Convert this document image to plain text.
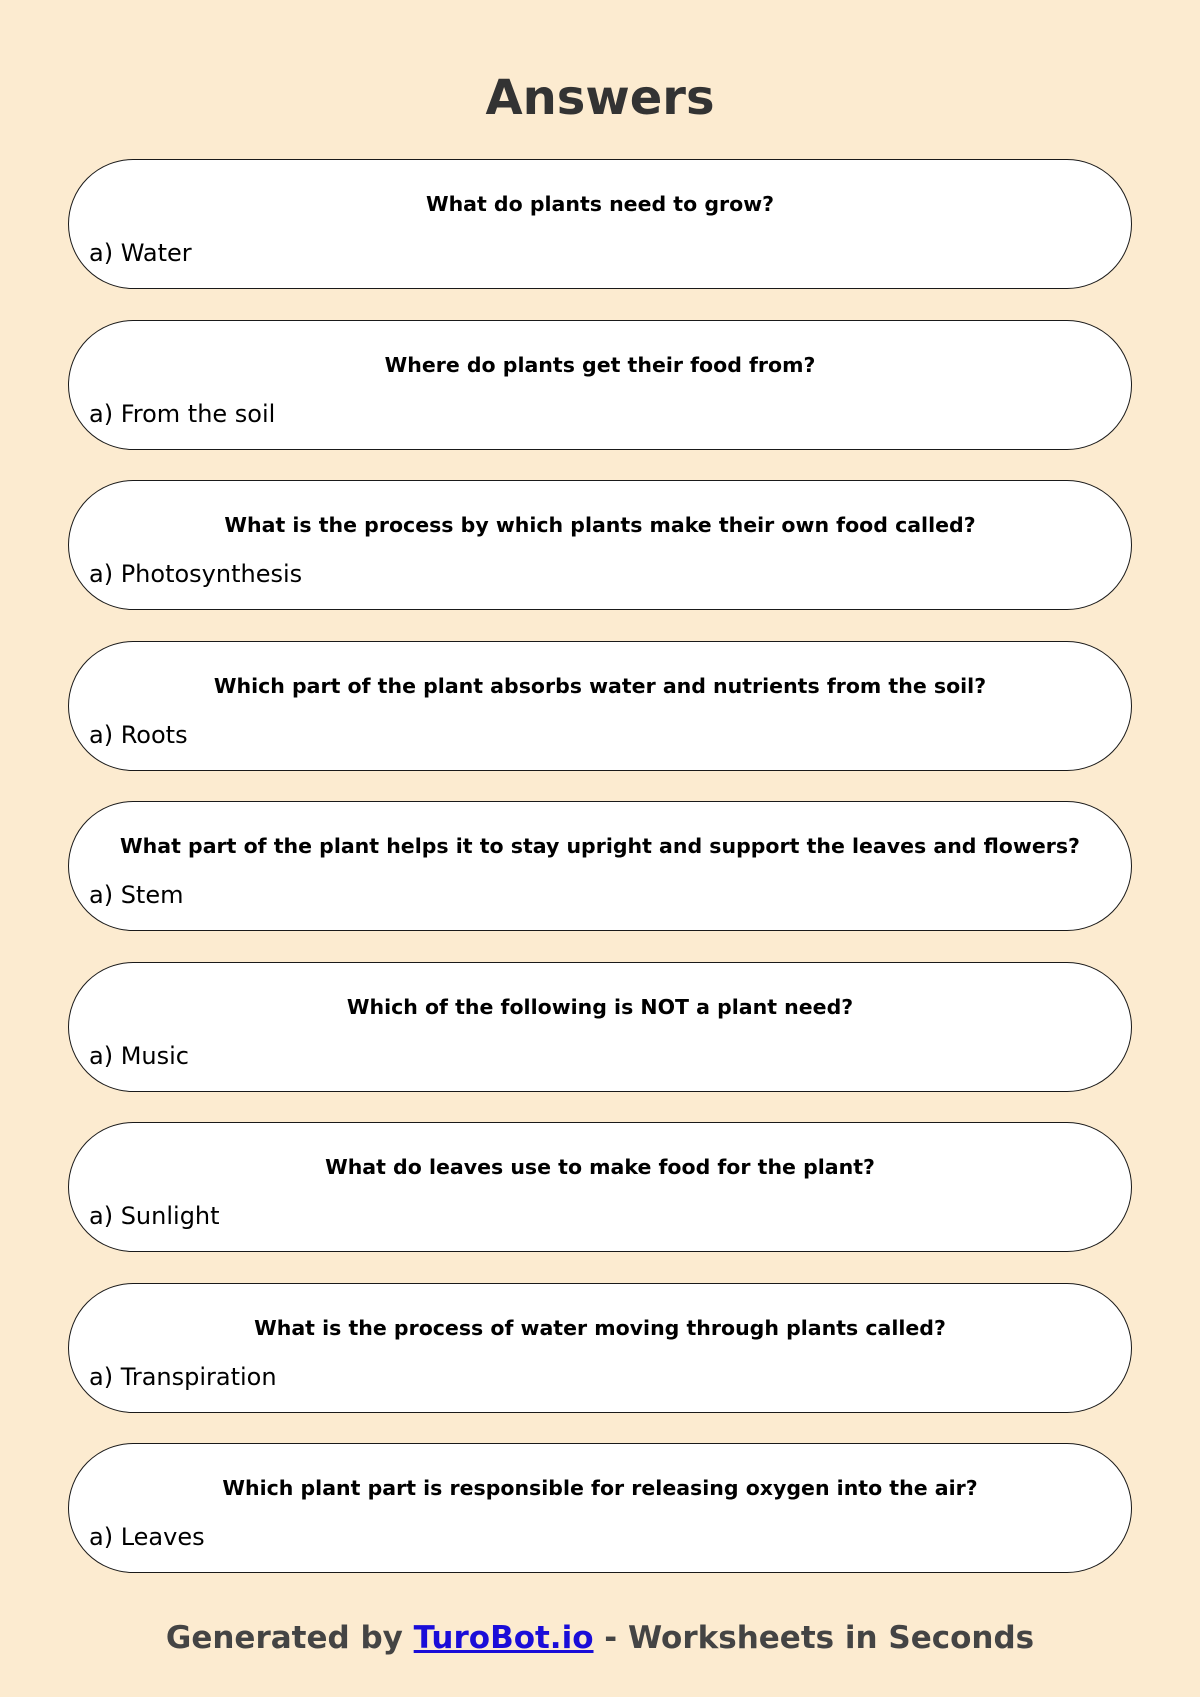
Answers
What do plants need to grow?
a) Water
Where do plants get their food from?
a) From the soil
What is the process by which plants make their own food called?
a) Photosynthesis
Which part of the plant absorbs water and nutrients from the soil?
a) Roots
What part of the plant helps it to stay upright and support the leaves and flowers?
a) Stem
Which of the following is NOT a plant need?
a) Music
What do leaves use to make food for the plant?
a) Sunlight
What is the process of water moving through plants called?
a) Transpiration
Which plant part is responsible for releasing oxygen into the air?
a) Leaves
Generated by TuroBot.io - Worksheets in Seconds
